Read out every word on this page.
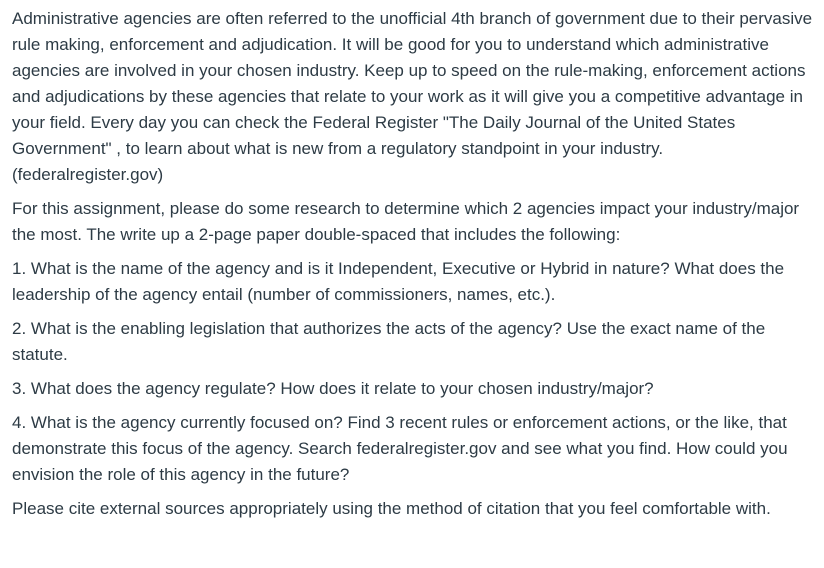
Administrative agencies are often referred to the unofficial 4th branch of government due to their pervasive rule making, enforcement and adjudication. It will be good for you to understand which administrative agencies are involved in your chosen industry. Keep up to speed on the rule-making, enforcement actions and adjudications by these agencies that relate to your work as it will give you a competitive advantage in your field. Every day you can check the Federal Register "The Daily Journal of the United States Government" , to learn about what is new from a regulatory standpoint in your industry. (federalregister.gov)

For this assignment, please do some research to determine which 2 agencies impact your industry/major the most. The write up a 2-page paper double-spaced that includes the following:

1. What is the name of the agency and is it Independent, Executive or Hybrid in nature? What does the leadership of the agency entail (number of commissioners, names, etc.).

2. What is the enabling legislation that authorizes the acts of the agency? Use the exact name of the statute.

3. What does the agency regulate? How does it relate to your chosen industry/major?

4. What is the agency currently focused on? Find 3 recent rules or enforcement actions, or the like, that demonstrate this focus of the agency. Search federalregister.gov and see what you find. How could you envision the role of this agency in the future?

Please cite external sources appropriately using the method of citation that you feel comfortable with.
